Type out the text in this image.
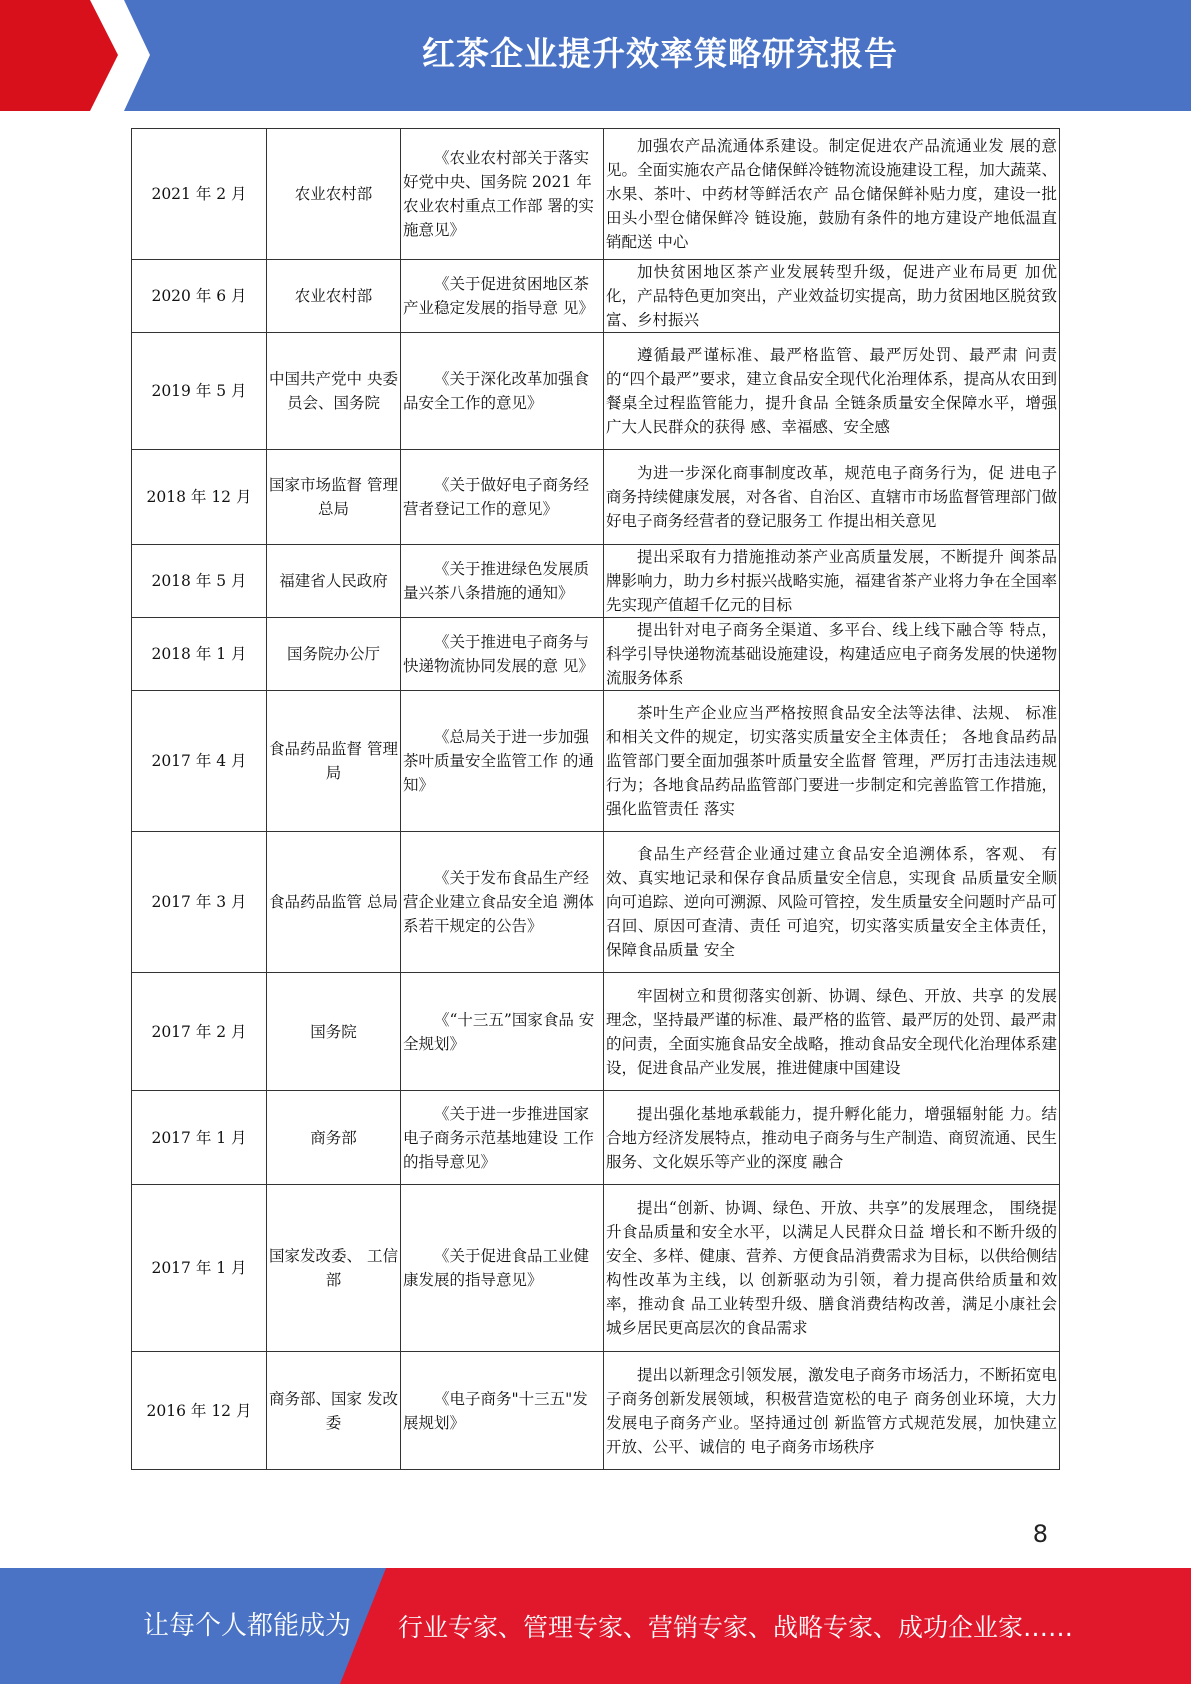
红茶企业提升效率策略研究报告
2021 年 2 月	农业农村部	《农业农村部关于落实 好党中央、国务院 2021 年农业农村重点工作部 署的实施意见》	加强农产品流通体系建设。制定促进农产品流通业发 展的意见。全面实施农产品仓储保鲜冷链物流设施建设工程，加大蔬菜、水果、茶叶、中药材等鲜活农产 品仓储保鲜补贴力度，建设一批田头小型仓储保鲜冷 链设施，鼓励有条件的地方建设产地低温直销配送 中心
2020 年 6 月	农业农村部	《关于促进贫困地区茶 产业稳定发展的指导意 见》	加快贫困地区茶产业发展转型升级，促进产业布局更 加优化，产品特色更加突出，产业效益切实提高，助力贫困地区脱贫致富、乡村振兴
2019 年 5 月	中国共产党中 央委员会、国务院	《关于深化改革加强食 品安全工作的意见》	遵循最严谨标准、最严格监管、最严厉处罚、最严肃 问责的“四个最严”要求，建立食品安全现代化治理体系，提高从农田到餐桌全过程监管能力，提升食品 全链条质量安全保障水平，增强广大人民群众的获得 感、幸福感、安全感
2018 年 12 月	国家市场监督 管理总局	《关于做好电子商务经 营者登记工作的意见》	为进一步深化商事制度改革，规范电子商务行为，促 进电子商务持续健康发展，对各省、自治区、直辖市市场监督管理部门做好电子商务经营者的登记服务工 作提出相关意见
2018 年 5 月	福建省人民政府	《关于推进绿色发展质 量兴茶八条措施的通知》	提出采取有力措施推动茶产业高质量发展，不断提升 闽茶品牌影响力，助力乡村振兴战略实施，福建省茶产业将力争在全国率先实现产值超千亿元的目标
2018 年 1 月	国务院办公厅	《关于推进电子商务与 快递物流协同发展的意 见》	提出针对电子商务全渠道、多平台、线上线下融合等 特点，科学引导快递物流基础设施建设，构建适应电子商务发展的快递物流服务体系
2017 年 4 月	食品药品监督 管理局	《总局关于进一步加强 茶叶质量安全监管工作 的通知》	茶叶生产企业应当严格按照食品安全法等法律、法规、 标准和相关文件的规定，切实落实质量安全主体责任； 各地食品药品监管部门要全面加强茶叶质量安全监督 管理，严厉打击违法违规行为；各地食品药品监管部门要进一步制定和完善监管工作措施，强化监管责任 落实
2017 年 3 月	食品药品监管 总局	《关于发布食品生产经 营企业建立食品安全追 溯体系若干规定的公告》	食品生产经营企业通过建立食品安全追溯体系，客观、 有效、真实地记录和保存食品质量安全信息，实现食 品质量安全顺向可追踪、逆向可溯源、风险可管控，发生质量安全问题时产品可召回、原因可查清、责任 可追究，切实落实质量安全主体责任，保障食品质量 安全
2017 年 2 月	国务院	《“十三五”国家食品 安全规划》	牢固树立和贯彻落实创新、协调、绿色、开放、共享 的发展理念，坚持最严谨的标准、最严格的监管、最严厉的处罚、最严肃的问责，全面实施食品安全战略，推动食品安全现代化治理体系建设，促进食品产业发展，推进健康中国建设
2017 年 1 月	商务部	《关于进一步推进国家 电子商务示范基地建设 工作的指导意见》	提出强化基地承载能力，提升孵化能力，增强辐射能 力。结合地方经济发展特点，推动电子商务与生产制造、商贸流通、民生服务、文化娱乐等产业的深度 融合
2017 年 1 月	国家发改委、 工信部	《关于促进食品工业健康发展的指导意见》	提出“创新、协调、绿色、开放、共享”的发展理念， 围绕提升食品质量和安全水平，以满足人民群众日益 增长和不断升级的安全、多样、健康、营养、方便食品消费需求为目标，以供给侧结构性改革为主线，以 创新驱动为引领，着力提高供给质量和效率，推动食 品工业转型升级、膳食消费结构改善，满足小康社会 城乡居民更高层次的食品需求
2016 年 12 月	商务部、国家 发改委	《电子商务"十三五"发展规划》	提出以新理念引领发展，激发电子商务市场活力，不断拓宽电子商务创新发展领域，积极营造宽松的电子 商务创业环境，大力发展电子商务产业。坚持通过创 新监管方式规范发展，加快建立开放、公平、诚信的 电子商务市场秩序
8
让每个人都能成为 行业专家、管理专家、营销专家、战略专家、成功企业家……
